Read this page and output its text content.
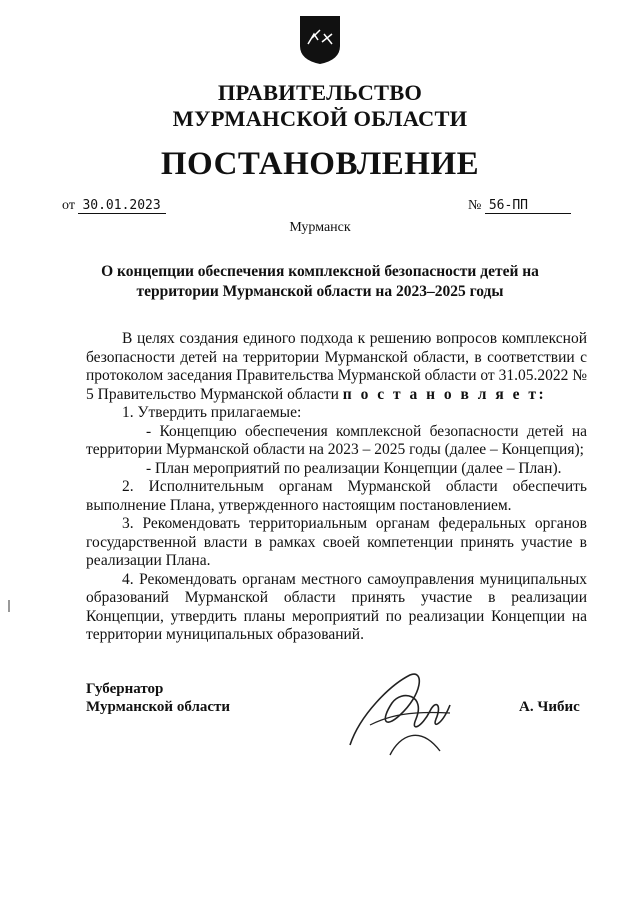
ПРАВИТЕЛЬСТВО
МУРМАНСКОЙ ОБЛАСТИ
ПОСТАНОВЛЕНИЕ
от 30.01.2023	№ 56-ПП
Мурманск
О концепции обеспечения комплексной безопасности детей на
территории Мурманской области на 2023–2025 годы

В целях создания единого подхода к решению вопросов комплексной безопасности детей на территории Мурманской области, в соответствии с протоколом заседания Правительства Мурманской области от 31.05.2022 № 5 Правительство Мурманской области п о с т а н о в л я е т:

1. Утвердить прилагаемые:

- Концепцию обеспечения комплексной безопасности детей на территории Мурманской области на 2023 – 2025 годы (далее – Концепция);

- План мероприятий по реализации Концепции (далее – План).

2. Исполнительным органам Мурманской области обеспечить выполнение Плана, утвержденного настоящим постановлением.

3. Рекомендовать территориальным органам федеральных органов государственной власти в рамках своей компетенции принять участие в реализации Плана.

4. Рекомендовать органам местного самоуправления муниципальных образований Мурманской области принять участие в реализации Концепции, утвердить планы мероприятий по реализации Концепции на территории муниципальных образований.

Губернатор
Мурманской области	А. Чибис
